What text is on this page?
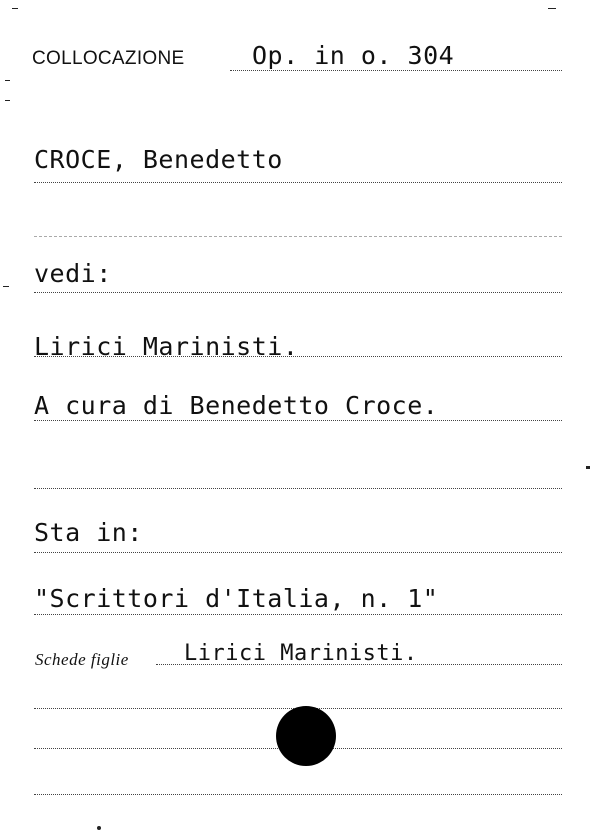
COLLOCAZIONE	Op. in o. 304
CROCE, Benedetto
vedi:
Lirici Marinisti.
A cura di Benedetto Croce.
Sta in:
"Scrittori d'Italia, n. 1"
Schede figlie	Lirici Marinisti.
